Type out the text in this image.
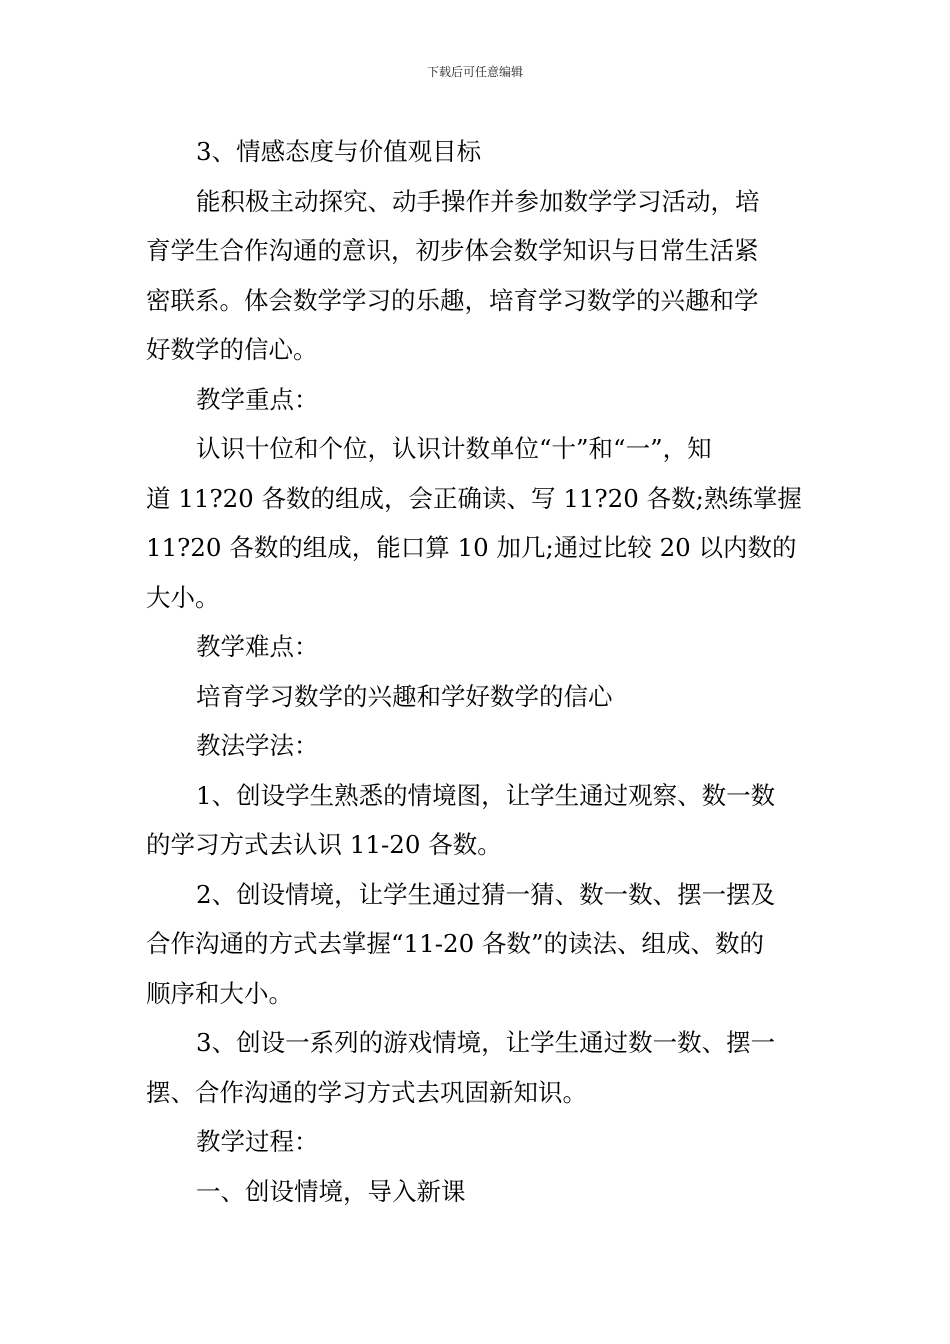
下载后可任意编辑

3、情感态度与价值观目标

能积极主动探究、动手操作并参加数学学习活动，培
育学生合作沟通的意识，初步体会数学知识与日常生活紧
密联系。体会数学学习的乐趣，培育学习数学的兴趣和学
好数学的信心。

教学重点：

认识十位和个位，认识计数单位“十”和“一”，知
道 11?20 各数的组成，会正确读、写 11?20 各数;熟练掌握
11?20 各数的组成，能口算 10 加几;通过比较 20 以内数的
大小。

教学难点：

培育学习数学的兴趣和学好数学的信心

教法学法：

1、创设学生熟悉的情境图，让学生通过观察、数一数
的学习方式去认识 11-20 各数。

2、创设情境，让学生通过猜一猜、数一数、摆一摆及
合作沟通的方式去掌握“11-20 各数”的读法、组成、数的
顺序和大小。

3、创设一系列的游戏情境，让学生通过数一数、摆一
摆、合作沟通的学习方式去巩固新知识。

教学过程：

一、创设情境，导入新课
